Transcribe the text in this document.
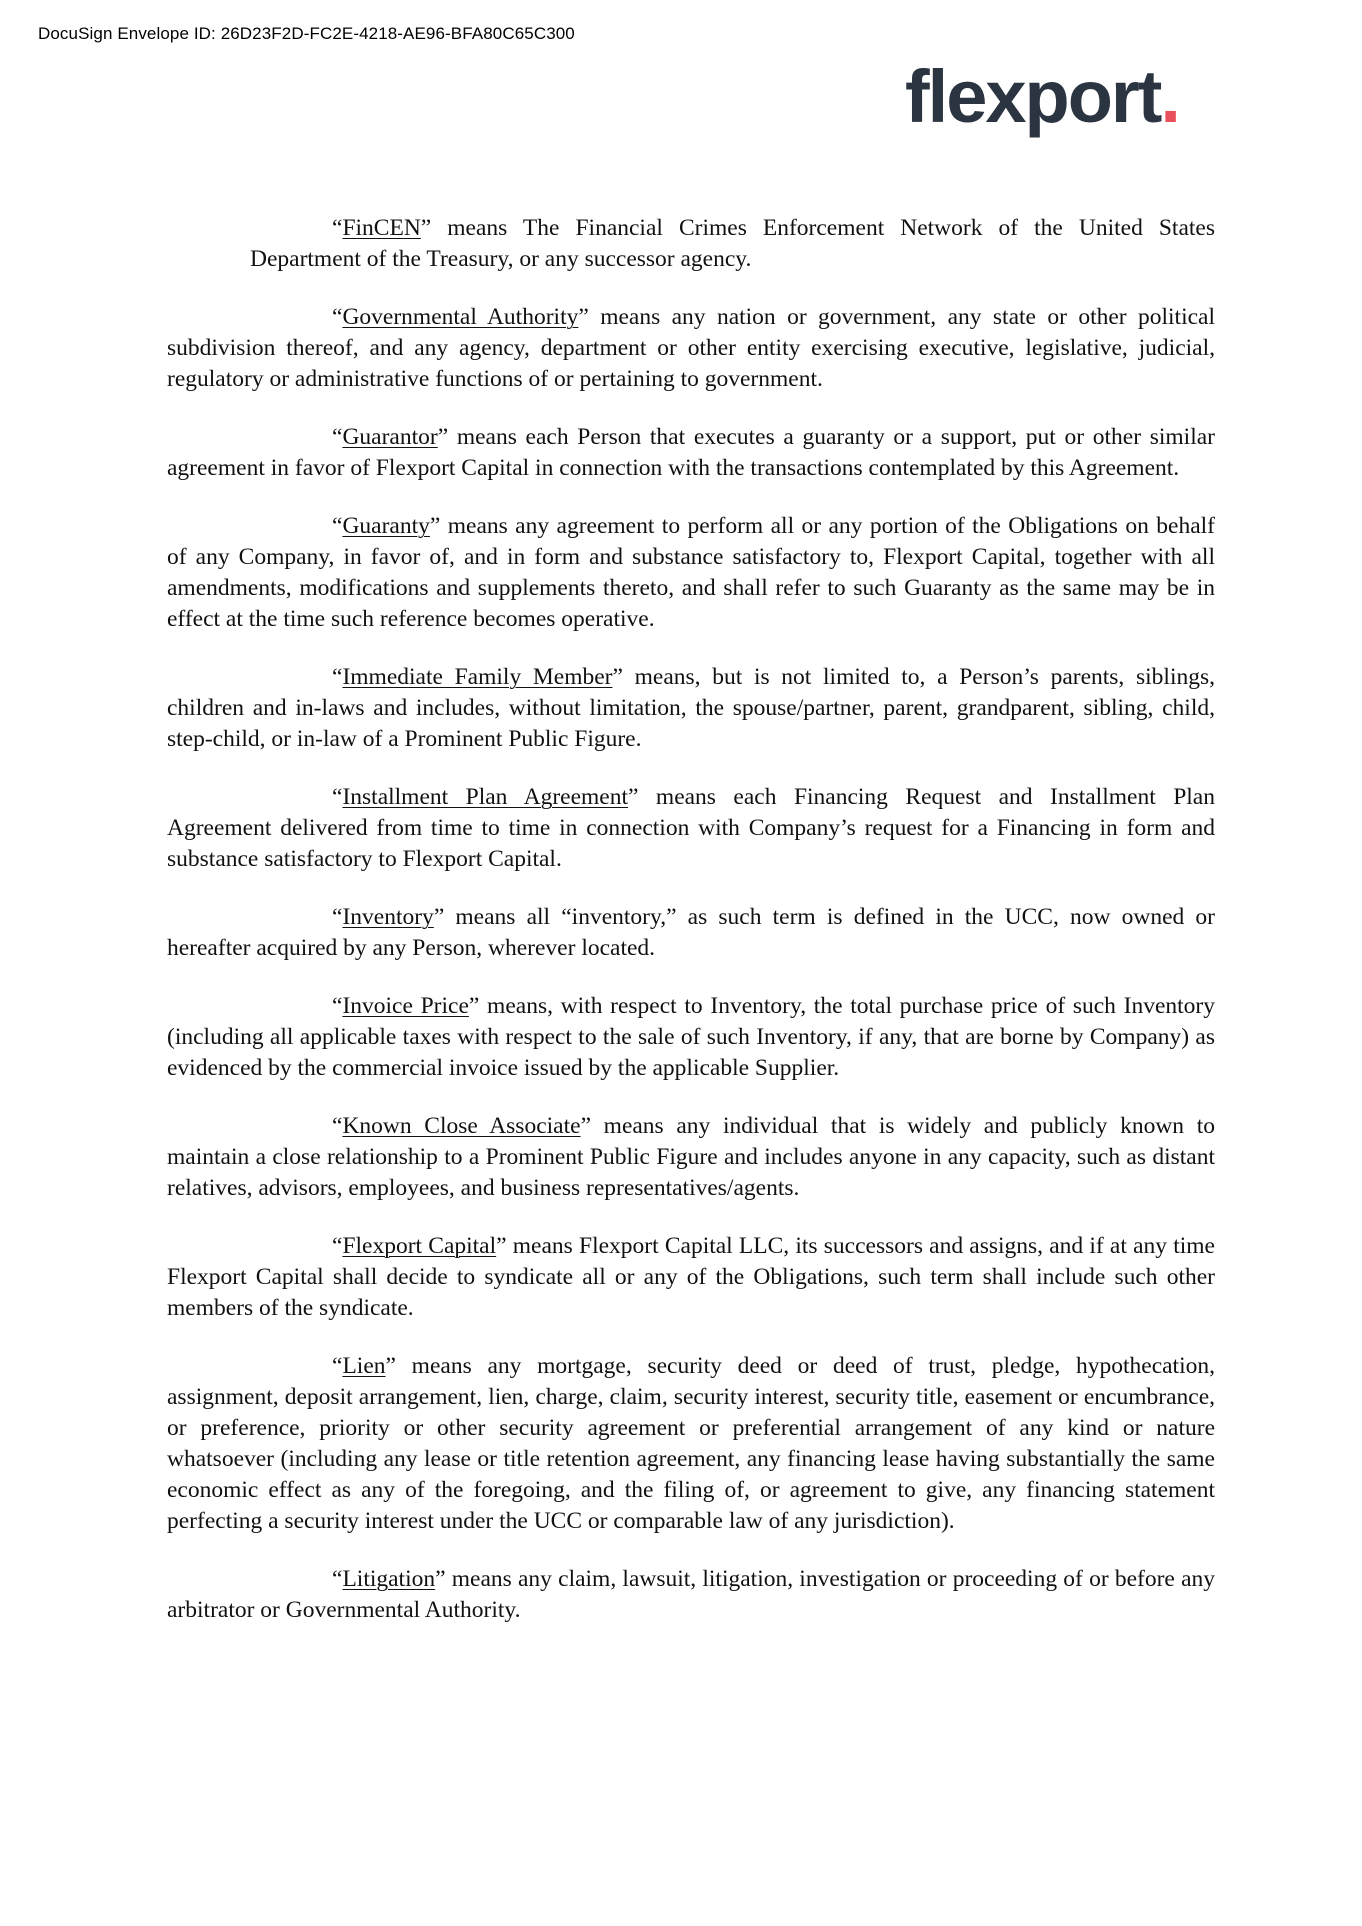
DocuSign Envelope ID: 26D23F2D-FC2E-4218-AE96-BFA80C65C300
flexport.

“FinCEN” means The Financial Crimes Enforcement Network of the United States Department of the Treasury, or any successor agency.

“Governmental Authority” means any nation or government, any state or other political subdivision thereof, and any agency, department or other entity exercising executive, legislative, judicial, regulatory or administrative functions of or pertaining to government.

“Guarantor” means each Person that executes a guaranty or a support, put or other similar agreement in favor of Flexport Capital in connection with the transactions contemplated by this Agreement.

“Guaranty” means any agreement to perform all or any portion of the Obligations on behalf of any Company, in favor of, and in form and substance satisfactory to, Flexport Capital, together with all amendments, modifications and supplements thereto, and shall refer to such Guaranty as the same may be in effect at the time such reference becomes operative.

“Immediate Family Member” means, but is not limited to, a Person’s parents, siblings, children and in-laws and includes, without limitation, the spouse/partner, parent, grandparent, sibling, child, step-child, or in-law of a Prominent Public Figure.

“Installment Plan Agreement” means each Financing Request and Installment Plan Agreement delivered from time to time in connection with Company’s request for a Financing in form and substance satisfactory to Flexport Capital.

“Inventory” means all “inventory,” as such term is defined in the UCC, now owned or hereafter acquired by any Person, wherever located.

“Invoice Price” means, with respect to Inventory, the total purchase price of such Inventory (including all applicable taxes with respect to the sale of such Inventory, if any, that are borne by Company) as evidenced by the commercial invoice issued by the applicable Supplier.

“Known Close Associate” means any individual that is widely and publicly known to maintain a close relationship to a Prominent Public Figure and includes anyone in any capacity, such as distant relatives, advisors, employees, and business representatives/agents.

“Flexport Capital” means Flexport Capital LLC, its successors and assigns, and if at any time Flexport Capital shall decide to syndicate all or any of the Obligations, such term shall include such other members of the syndicate.

“Lien” means any mortgage, security deed or deed of trust, pledge, hypothecation, assignment, deposit arrangement, lien, charge, claim, security interest, security title, easement or encumbrance, or preference, priority or other security agreement or preferential arrangement of any kind or nature whatsoever (including any lease or title retention agreement, any financing lease having substantially the same economic effect as any of the foregoing, and the filing of, or agreement to give, any financing statement perfecting a security interest under the UCC or comparable law of any jurisdiction).

“Litigation” means any claim, lawsuit, litigation, investigation or proceeding of or before any arbitrator or Governmental Authority.
